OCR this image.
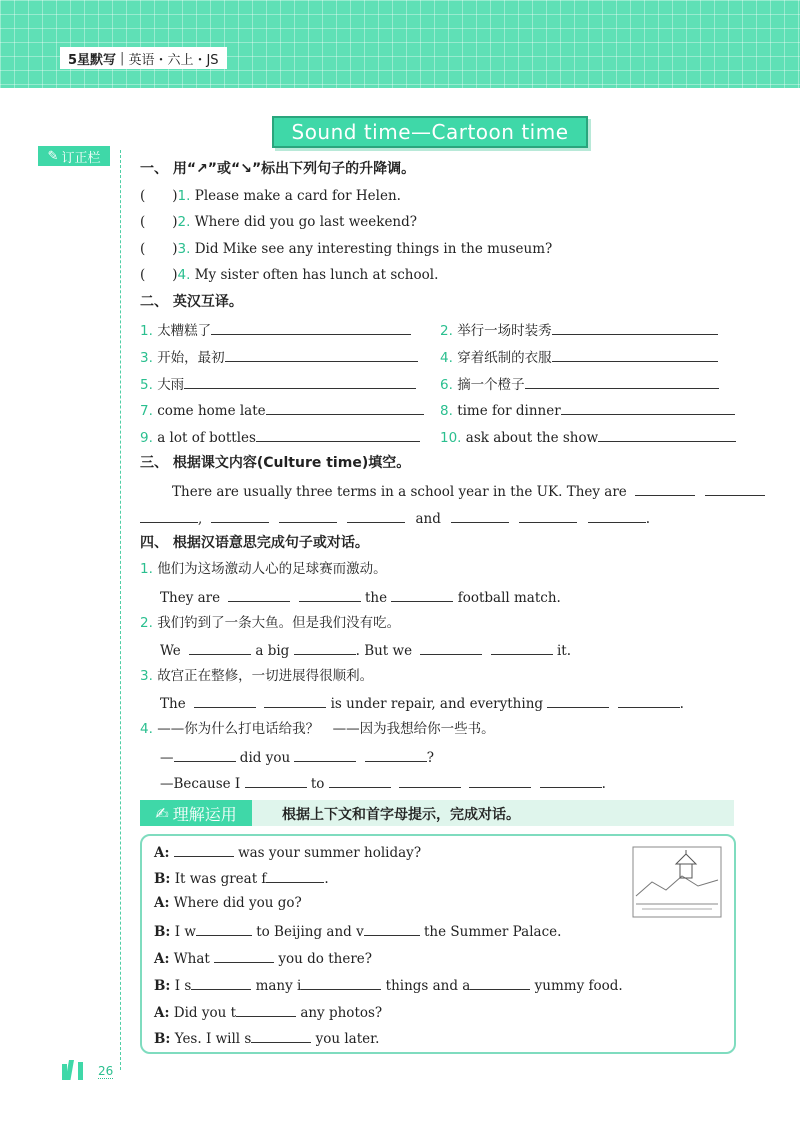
5星默写 | 英语・六上・JS
Sound time—Cartoon time
✎ 订正栏
一、 用“↗”或“↘”标出下列句子的升降调。
(　　)1. Please make a card for Helen.
(　　)2. Where did you go last weekend?
(　　)3. Did Mike see any interesting things in the museum?
(　　)4. My sister often has lunch at school.
二、 英汉互译。
1. 太糟糕了	2. 举行一场时装秀
3. 开始，最初	4. 穿着纸制的衣服
5. 大雨	6. 摘一个橙子
7. come home late	8. time for dinner
9. a lot of bottles	10. ask about the show
三、 根据课文内容(Culture time)填空。
There are usually three terms in a school year in the UK. They are
,	and	.
四、 根据汉语意思完成句子或对话。
1. 他们为这场激动人心的足球赛而激动。
They are	the	football match.
2. 我们钓到了一条大鱼。但是我们没有吃。
We	a big	. But we	it.
3. 故宫正在整修，一切进展得很顺利。
The	is under repair, and everything	.
4. ——你为什么打电话给我？　——因为我想给你一些书。
—	did you	?
—Because I	to	.
✍ 理解运用	根据上下文和首字母提示，完成对话。
A:	was your summer holiday?
B: It was great f	.
A: Where did you go?
B: I w	to Beijing and v	the Summer Palace.
A: What	you do there?
B: I s	many i	things and a	yummy food.
A: Did you t	any photos?
B: Yes. I will s	you later.
26
